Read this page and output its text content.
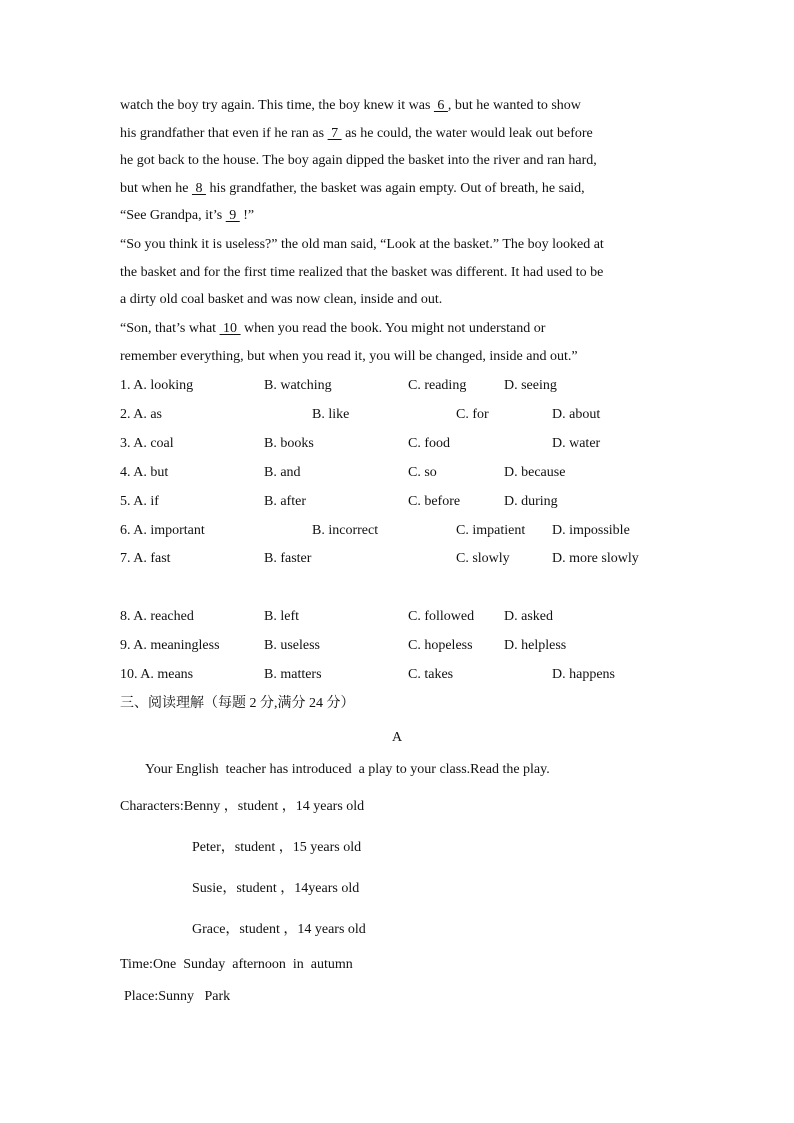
watch the boy try again. This time, the boy knew it was  6 , but he wanted to show
his grandfather that even if he ran as  7  as he could, the water would leak out before
he got back to the house. The boy again dipped the basket into the river and ran hard,
but when he  8  his grandfather, the basket was again empty. Out of breath, he said,
“See Grandpa, it’s  9  !”
“So you think it is useless?” the old man said, “Look at the basket.” The boy looked at
the basket and for the first time realized that the basket was different. It had used to be
a dirty old coal basket and was now clean, inside and out.
“Son, that’s what  10  when you read the book. You might not understand or
remember everything, but when you read it, you will be changed, inside and out.”
1. A. looking	B. watching	C. reading	D. seeing
2. A. as	B. like	C. for	D. about
3. A. coal	B. books	C. food	D. water
4. A. but	B. and	C. so	D. because
5. A. if	B. after	C. before	D. during
6. A. important	B. incorrect	C. impatient D. impossible
7. A. fast	B. faster	C. slowly	D. more slowly
8. A. reached	B. left	C. followed D. asked
9. A. meaningless	B. useless	C. hopeless D. helpless
10. A. means	B. matters	C. takes	D. happens
三、阅读理解（每题 2 分,满分 24 分）
A
Your English  teacher has introduced  a play to your class.Read the play.
Characters:Benny ，student ，14 years old
Peter，student ，15 years old
Susie，student ，14years old
Grace，student ，14 years old
Time:One  Sunday  afternoon  in  autumn
Place:Sunny   Park
